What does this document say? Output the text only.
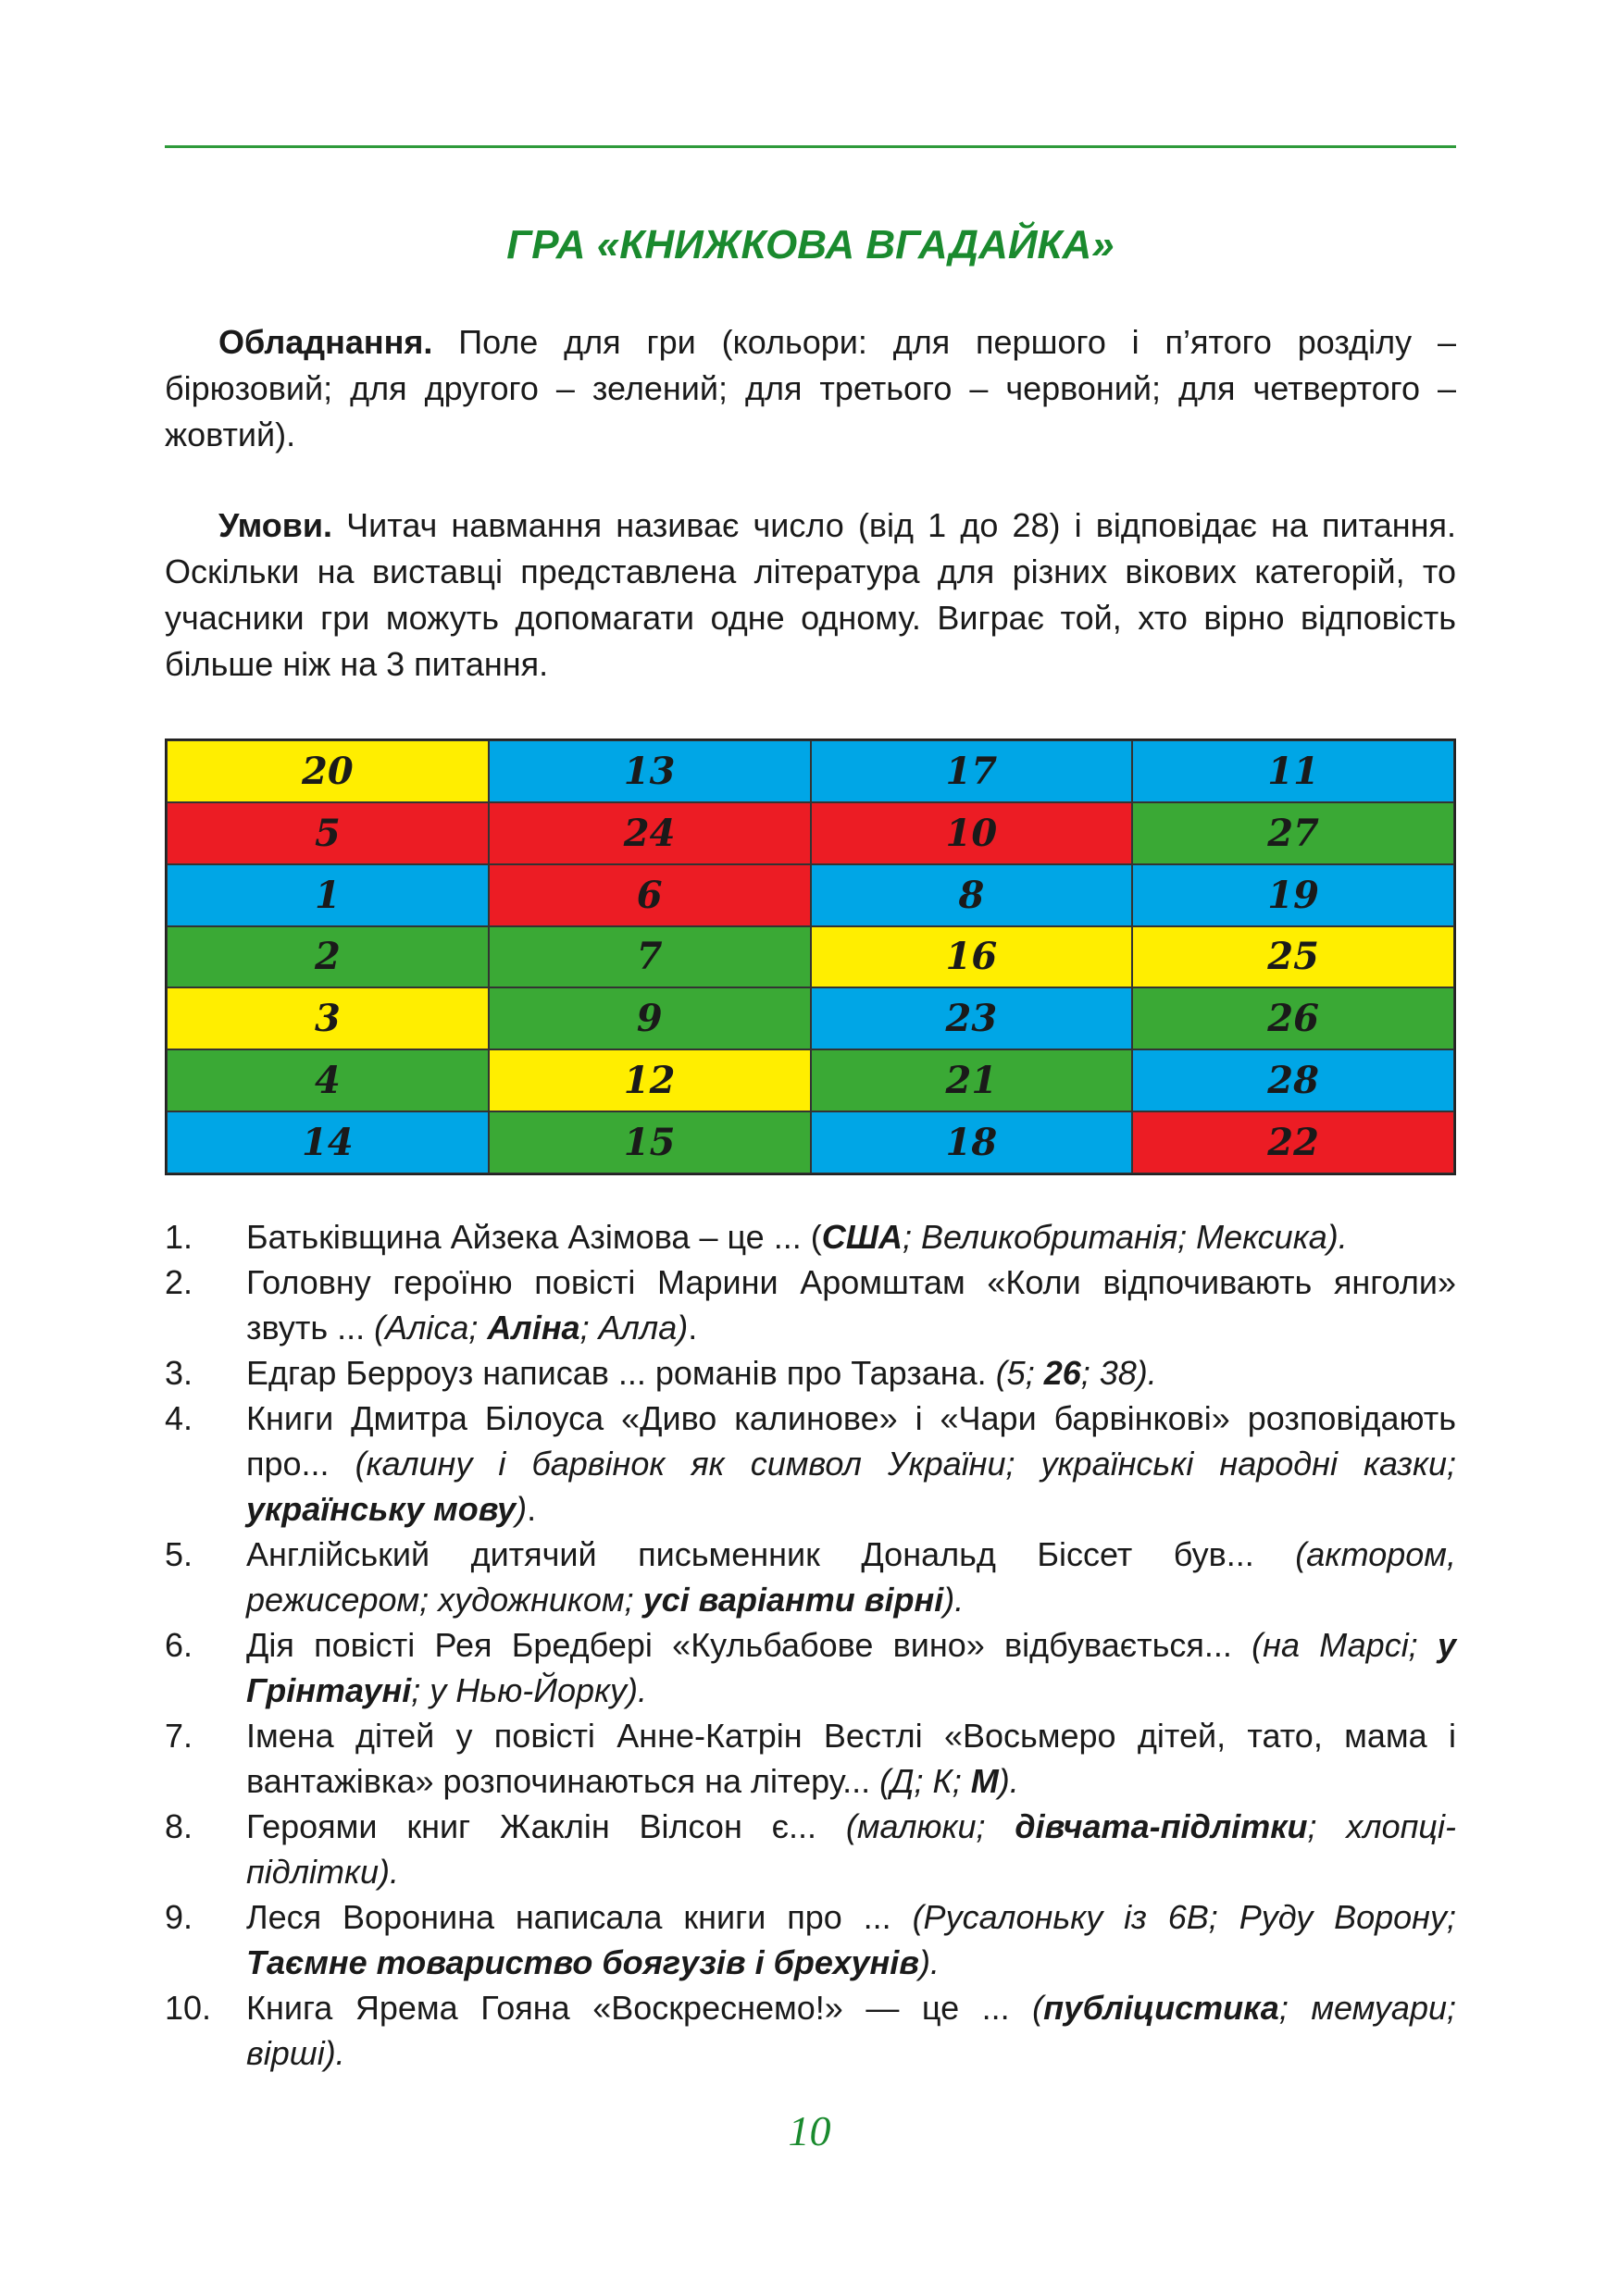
ГРА «КНИЖКОВА ВГАДАЙКА»

Обладнання. Поле для гри (кольори: для першого і п’ятого розділу – бірюзовий; для другого – зелений; для третього – червоний; для четвертого – жовтий).

Умови. Читач навмання називає число (від 1 до 28) і відповідає на питання. Оскільки на виставці представлена література для різних вікових категорій, то учасники гри можуть допомагати одне одному. Виграє той, хто вірно відповість більше ніж на 3 питання.

20	13	17	11
5	24	10	27
1	6	8	19
2	7	16	25
3	9	23	26
4	12	21	28
14	15	18	22
1.	Батьківщина Айзека Азімова – це ... (США; Великобританія; Мексика).
2.	Головну героїню повісті Марини Аромштам «Коли відпочивають янголи» звуть ... (Аліса; Аліна; Алла).
3.	Едгар Берроуз написав ... романів про Тарзана. (5; 26; 38).
4.	Книги Дмитра Білоуса «Диво калинове» і «Чари барвінкові» розповідають про... (калину і барвінок як символ України; українські народні казки; українську мову).
5.	Англійський дитячий письменник Дональд Біссет був... (актором, режисером; художником; усі варіанти вірні).
6.	Дія повісті Рея Бредбері «Кульбабове вино» відбувається... (на Марсі; у Грінтауні; у Нью-Йорку).
7.	Імена дітей у повісті Анне-Катрін Вестлі «Восьмеро дітей, тато, мама і вантажівка» розпочинаються на літеру... (Д; К; М).
8.	Героями книг Жаклін Вілсон є... (малюки; дівчата-підлітки; хлопці-підлітки).
9.	Леся Воронина написала книги про ... (Русалоньку із 6В; Руду Ворону; Таємне товариство боягузів і брехунів).
10.	Книга Ярема Гояна «Воскреснемо!» — це ... (публіцистика; мемуари; вірші).
10
